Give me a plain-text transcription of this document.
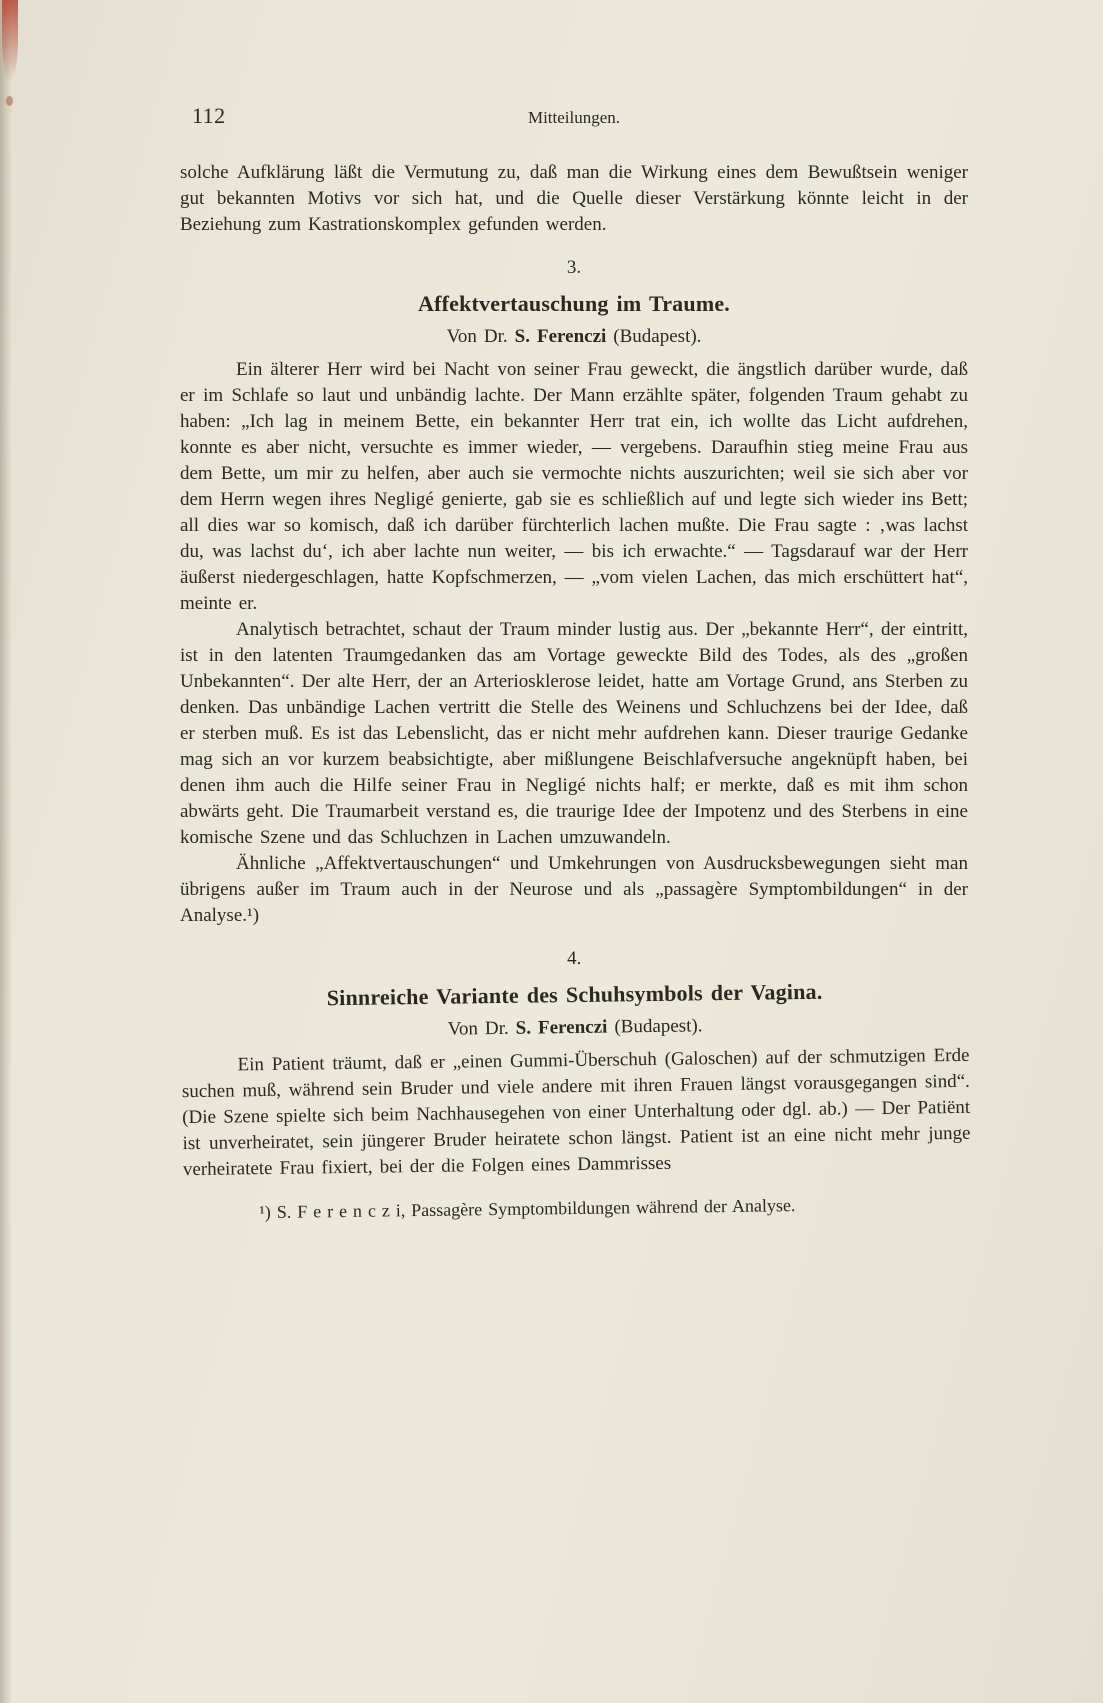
112	Mitteilungen.

solche Aufklärung läßt die Vermutung zu, daß man die Wirkung eines dem Bewußtsein weniger gut bekannten Motivs vor sich hat, und die Quelle dieser Verstärkung könnte leicht in der Beziehung zum Kastrationskomplex gefunden werden.

3.
Affektvertauschung im Traume.
Von Dr. S. Ferenczi (Budapest).

Ein älterer Herr wird bei Nacht von seiner Frau geweckt, die ängstlich darüber wurde, daß er im Schlafe so laut und unbändig lachte. Der Mann erzählte später, folgenden Traum gehabt zu haben: „Ich lag in meinem Bette, ein bekannter Herr trat ein, ich wollte das Licht aufdrehen, konnte es aber nicht, versuchte es immer wieder, — vergebens. Daraufhin stieg meine Frau aus dem Bette, um mir zu helfen, aber auch sie vermochte nichts auszurichten; weil sie sich aber vor dem Herrn wegen ihres Negligé genierte, gab sie es schließlich auf und legte sich wieder ins Bett; all dies war so komisch, daß ich darüber fürchterlich lachen mußte. Die Frau sagte : ‚was lachst du, was lachst du‘, ich aber lachte nun weiter, — bis ich erwachte.“ — Tagsdarauf war der Herr äußerst niedergeschlagen, hatte Kopfschmerzen, — „vom vielen Lachen, das mich erschüttert hat“, meinte er.

Analytisch betrachtet, schaut der Traum minder lustig aus. Der „bekannte Herr“, der eintritt, ist in den latenten Traumgedanken das am Vortage geweckte Bild des Todes, als des „großen Unbekannten“. Der alte Herr, der an Arteriosklerose leidet, hatte am Vortage Grund, ans Sterben zu denken. Das unbändige Lachen vertritt die Stelle des Weinens und Schluchzens bei der Idee, daß er sterben muß. Es ist das Lebenslicht, das er nicht mehr aufdrehen kann. Dieser traurige Gedanke mag sich an vor kurzem beabsichtigte, aber mißlungene Beischlafversuche angeknüpft haben, bei denen ihm auch die Hilfe seiner Frau in Negligé nichts half; er merkte, daß es mit ihm schon abwärts geht. Die Traumarbeit verstand es, die traurige Idee der Impotenz und des Sterbens in eine komische Szene und das Schluchzen in Lachen umzuwandeln.

Ähnliche „Affektvertauschungen“ und Umkehrungen von Ausdrucksbewegungen sieht man übrigens außer im Traum auch in der Neurose und als „passagère Symptombildungen“ in der Analyse.¹)

4.
Sinnreiche Variante des Schuhsymbols der Vagina.
Von Dr. S. Ferenczi (Budapest).

Ein Patient träumt, daß er „einen Gummi-Überschuh (Galoschen) auf der schmutzigen Erde suchen muß, während sein Bruder und viele andere mit ihren Frauen längst vorausgegangen sind“. (Die Szene spielte sich beim Nachhausegehen von einer Unterhaltung oder dgl. ab.) — Der Patiënt ist unverheiratet, sein jüngerer Bruder heiratete schon längst. Patient ist an eine nicht mehr junge verheiratete Frau fixiert, bei der die Folgen eines Dammrisses

¹) S. F e r e n c z i, Passagère Symptombildungen während der Analyse.
